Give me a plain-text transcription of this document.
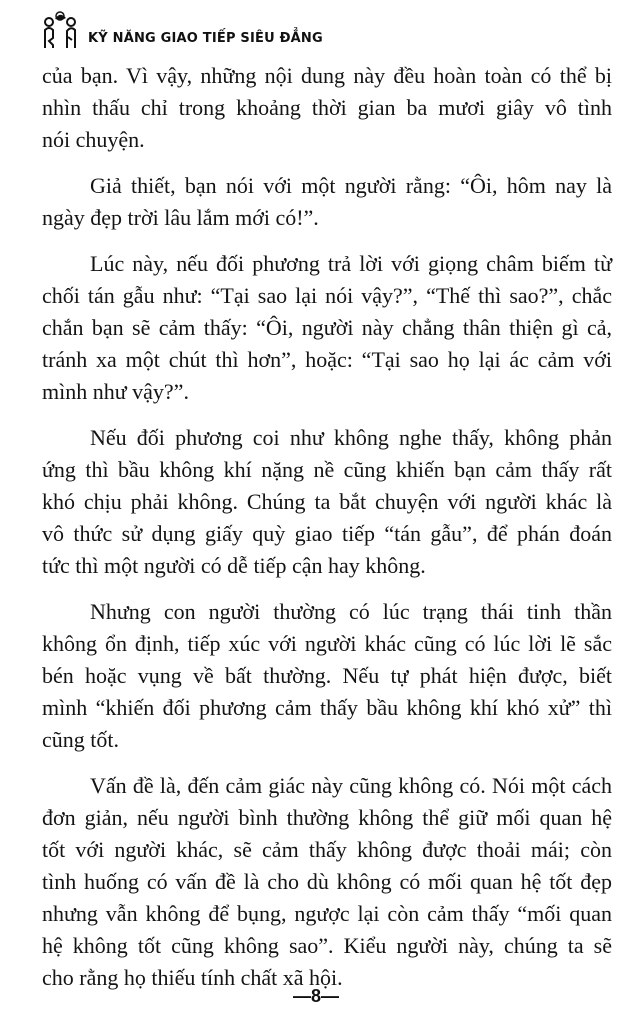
KỸ NĂNG GIAO TIẾP SIÊU ĐẲNG
của bạn. Vì vậy, những nội dung này đều hoàn toàn có thể bị
nhìn thấu chỉ trong khoảng thời gian ba mươi giây vô tình
nói chuyện.
Giả thiết, bạn nói với một người rằng: “Ôi, hôm nay là
ngày đẹp trời lâu lắm mới có!”.
Lúc này, nếu đối phương trả lời với giọng châm biếm từ
chối tán gẫu như: “Tại sao lại nói vậy?”, “Thế thì sao?”, chắc
chắn bạn sẽ cảm thấy: “Ôi, người này chẳng thân thiện gì cả,
tránh xa một chút thì hơn”, hoặc: “Tại sao họ lại ác cảm với
mình như vậy?”.
Nếu đối phương coi như không nghe thấy, không phản
ứng thì bầu không khí nặng nề cũng khiến bạn cảm thấy rất
khó chịu phải không. Chúng ta bắt chuyện với người khác là
vô thức sử dụng giấy quỳ giao tiếp “tán gẫu”, để phán đoán
tức thì một người có dễ tiếp cận hay không.
Nhưng con người thường có lúc trạng thái tinh thần
không ổn định, tiếp xúc với người khác cũng có lúc lời lẽ sắc
bén hoặc vụng về bất thường. Nếu tự phát hiện được, biết
mình “khiến đối phương cảm thấy bầu không khí khó xử” thì
cũng tốt.
Vấn đề là, đến cảm giác này cũng không có. Nói một cách
đơn giản, nếu người bình thường không thể giữ mối quan hệ
tốt với người khác, sẽ cảm thấy không được thoải mái; còn
tình huống có vấn đề là cho dù không có mối quan hệ tốt đẹp
nhưng vẫn không để bụng, ngược lại còn cảm thấy “mối quan
hệ không tốt cũng không sao”. Kiểu người này, chúng ta sẽ
cho rằng họ thiếu tính chất xã hội.
—8—
